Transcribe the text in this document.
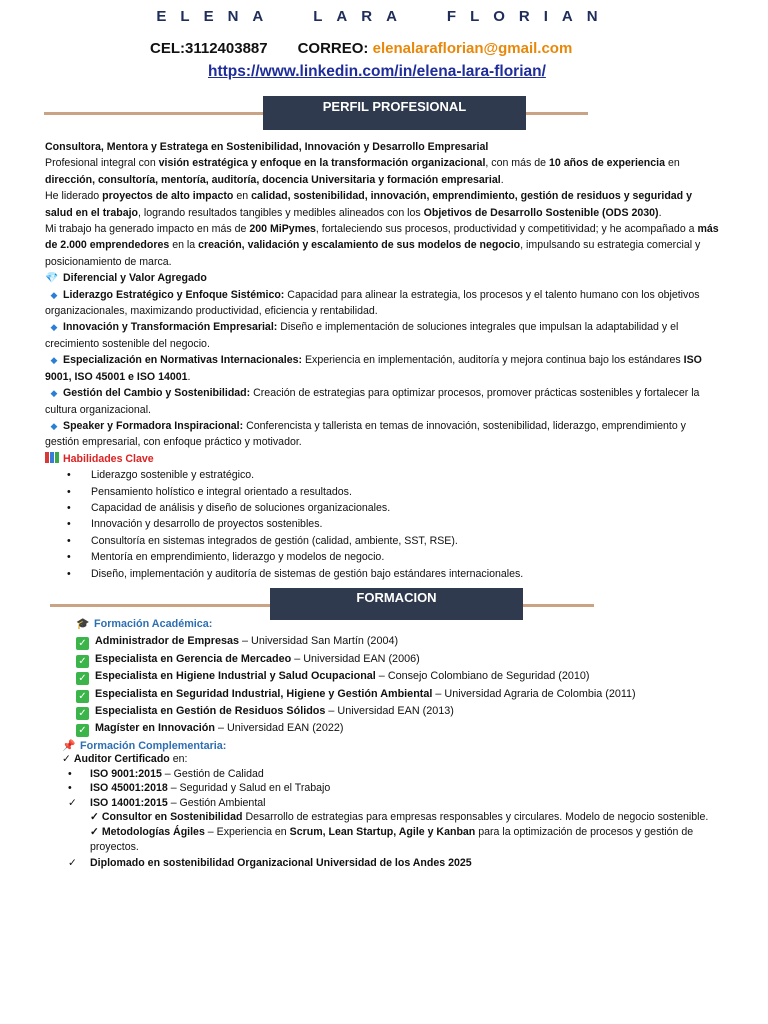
ELENA LARA FLORIAN
CEL:3112403887 CORREO: elenalaraflorian@gmail.com
https://www.linkedin.com/in/elena-lara-florian/
PERFIL PROFESIONAL

Consultora, Mentora y Estratega en Sostenibilidad, Innovación y Desarrollo Empresarial

Profesional integral con visión estratégica y enfoque en la transformación organizacional, con más de 10 años de experiencia en dirección, consultoría, mentoría, auditoría, docencia Universitaria y formación empresarial.

He liderado proyectos de alto impacto en calidad, sostenibilidad, innovación, emprendimiento, gestión de residuos y seguridad y salud en el trabajo, logrando resultados tangibles y medibles alineados con los Objetivos de Desarrollo Sostenible (ODS 2030).

Mi trabajo ha generado impacto en más de 200 MiPymes, fortaleciendo sus procesos, productividad y competitividad; y he acompañado a más de 2.000 emprendedores en la creación, validación y escalamiento de sus modelos de negocio, impulsando su estrategia comercial y posicionamiento de marca.

💎 Diferencial y Valor Agregado

◆ Liderazgo Estratégico y Enfoque Sistémico: Capacidad para alinear la estrategia, los procesos y el talento humano con los objetivos organizacionales, maximizando productividad, eficiencia y rentabilidad.

◆ Innovación y Transformación Empresarial: Diseño e implementación de soluciones integrales que impulsan la adaptabilidad y el crecimiento sostenible del negocio.

◆ Especialización en Normativas Internacionales: Experiencia en implementación, auditoría y mejora continua bajo los estándares ISO 9001, ISO 45001 e ISO 14001.

◆ Gestión del Cambio y Sostenibilidad: Creación de estrategias para optimizar procesos, promover prácticas sostenibles y fortalecer la cultura organizacional.

◆ Speaker y Formadora Inspiracional: Conferencista y tallerista en temas de innovación, sostenibilidad, liderazgo, emprendimiento y gestión empresarial, con enfoque práctico y motivador.

Habilidades Clave

• Liderazgo sostenible y estratégico.
• Pensamiento holístico e integral orientado a resultados.
• Capacidad de análisis y diseño de soluciones organizacionales.
• Innovación y desarrollo de proyectos sostenibles.
• Consultoría en sistemas integrados de gestión (calidad, ambiente, SST, RSE).
• Mentoría en emprendimiento, liderazgo y modelos de negocio.
• Diseño, implementación y auditoría de sistemas de gestión bajo estándares internacionales.
FORMACION

🎓 Formación Académica:

✓ Administrador de Empresas – Universidad San Martín (2004)

✓ Especialista en Gerencia de Mercadeo – Universidad EAN (2006)

✓ Especialista en Higiene Industrial y Salud Ocupacional – Consejo Colombiano de Seguridad (2010)

✓ Especialista en Seguridad Industrial, Higiene y Gestión Ambiental – Universidad Agraria de Colombia (2011)

✓ Especialista en Gestión de Residuos Sólidos – Universidad EAN (2013)

✓ Magíster en Innovación – Universidad EAN (2022)

📌 Formación Complementaria:

✓ Auditor Certificado en:

• ISO 9001:2015 – Gestión de Calidad

• ISO 45001:2018 – Seguridad y Salud en el Trabajo

✓ ISO 14001:2015 – Gestión Ambiental

✓ Consultor en Sostenibilidad Desarrollo de estrategias para empresas responsables y circulares. Modelo de negocio sostenible.

✓ Metodologías Ágiles – Experiencia en Scrum, Lean Startup, Agile y Kanban para la optimización de procesos y gestión de proyectos.

✓ Diplomado en sostenibilidad Organizacional Universidad de los Andes 2025
